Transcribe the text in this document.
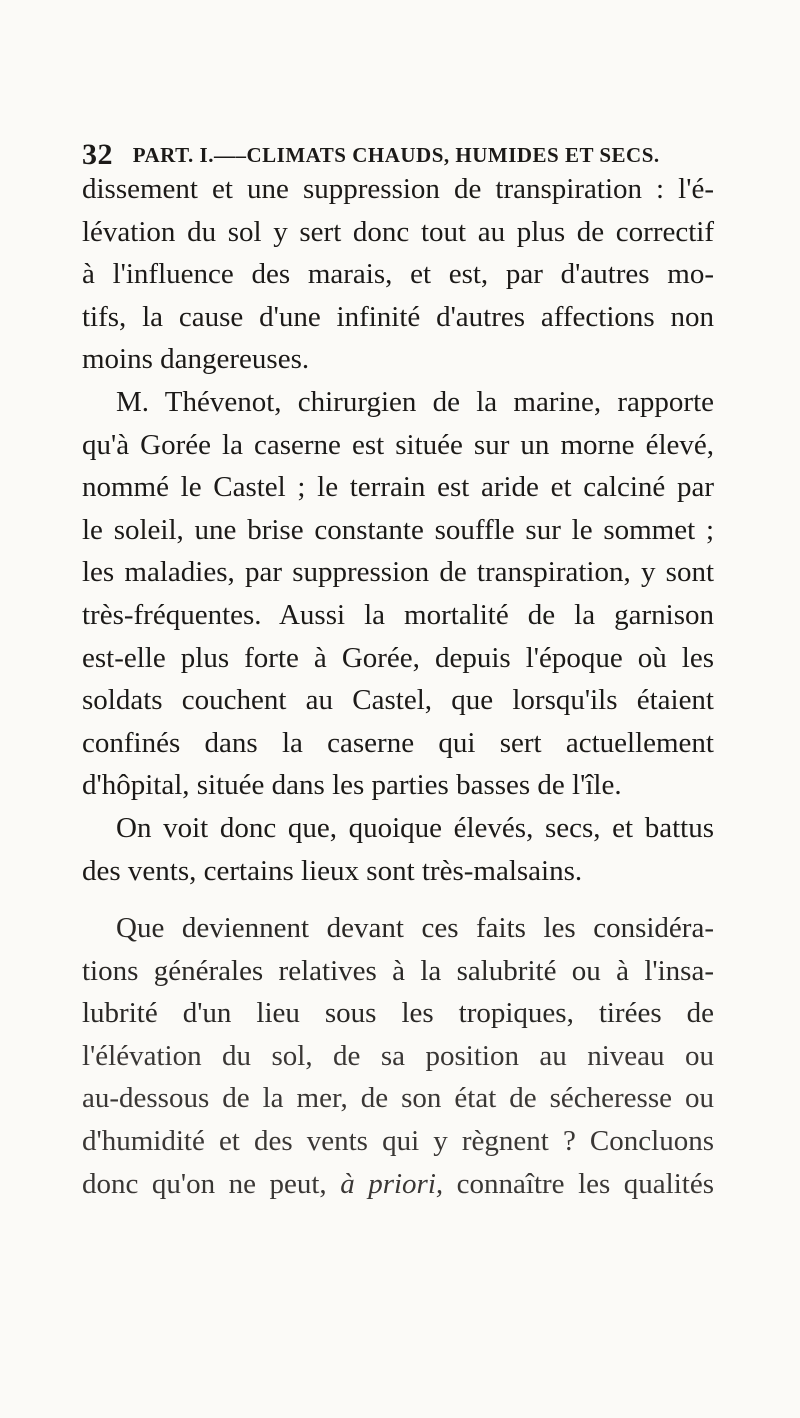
32 PART. I.—–CLIMATS CHAUDS, HUMIDES ET SECS.
dissement et une suppression de transpiration : l'é-
lévation du sol y sert donc tout au plus de correctif
à l'influence des marais, et est, par d'autres mo-
tifs, la cause d'une infinité d'autres affections non
moins dangereuses.
M. Thévenot, chirurgien de la marine, rapporte
qu'à Gorée la caserne est située sur un morne élevé,
nommé le Castel ; le terrain est aride et calciné par
le soleil, une brise constante souffle sur le sommet ;
les maladies, par suppression de transpiration, y sont
très-fréquentes. Aussi la mortalité de la garnison
est-elle plus forte à Gorée, depuis l'époque où les
soldats couchent au Castel, que lorsqu'ils étaient
confinés dans la caserne qui sert actuellement
d'hôpital, située dans les parties basses de l'île.
On voit donc que, quoique élevés, secs, et battus
des vents, certains lieux sont très-malsains.
Que deviennent devant ces faits les considéra-
tions générales relatives à la salubrité ou à l'insa-
lubrité d'un lieu sous les tropiques, tirées de
l'élévation du sol, de sa position au niveau ou
au-dessous de la mer, de son état de sécheresse ou
d'humidité et des vents qui y règnent ? Concluons
donc qu'on ne peut, à priori, connaître les qualités
